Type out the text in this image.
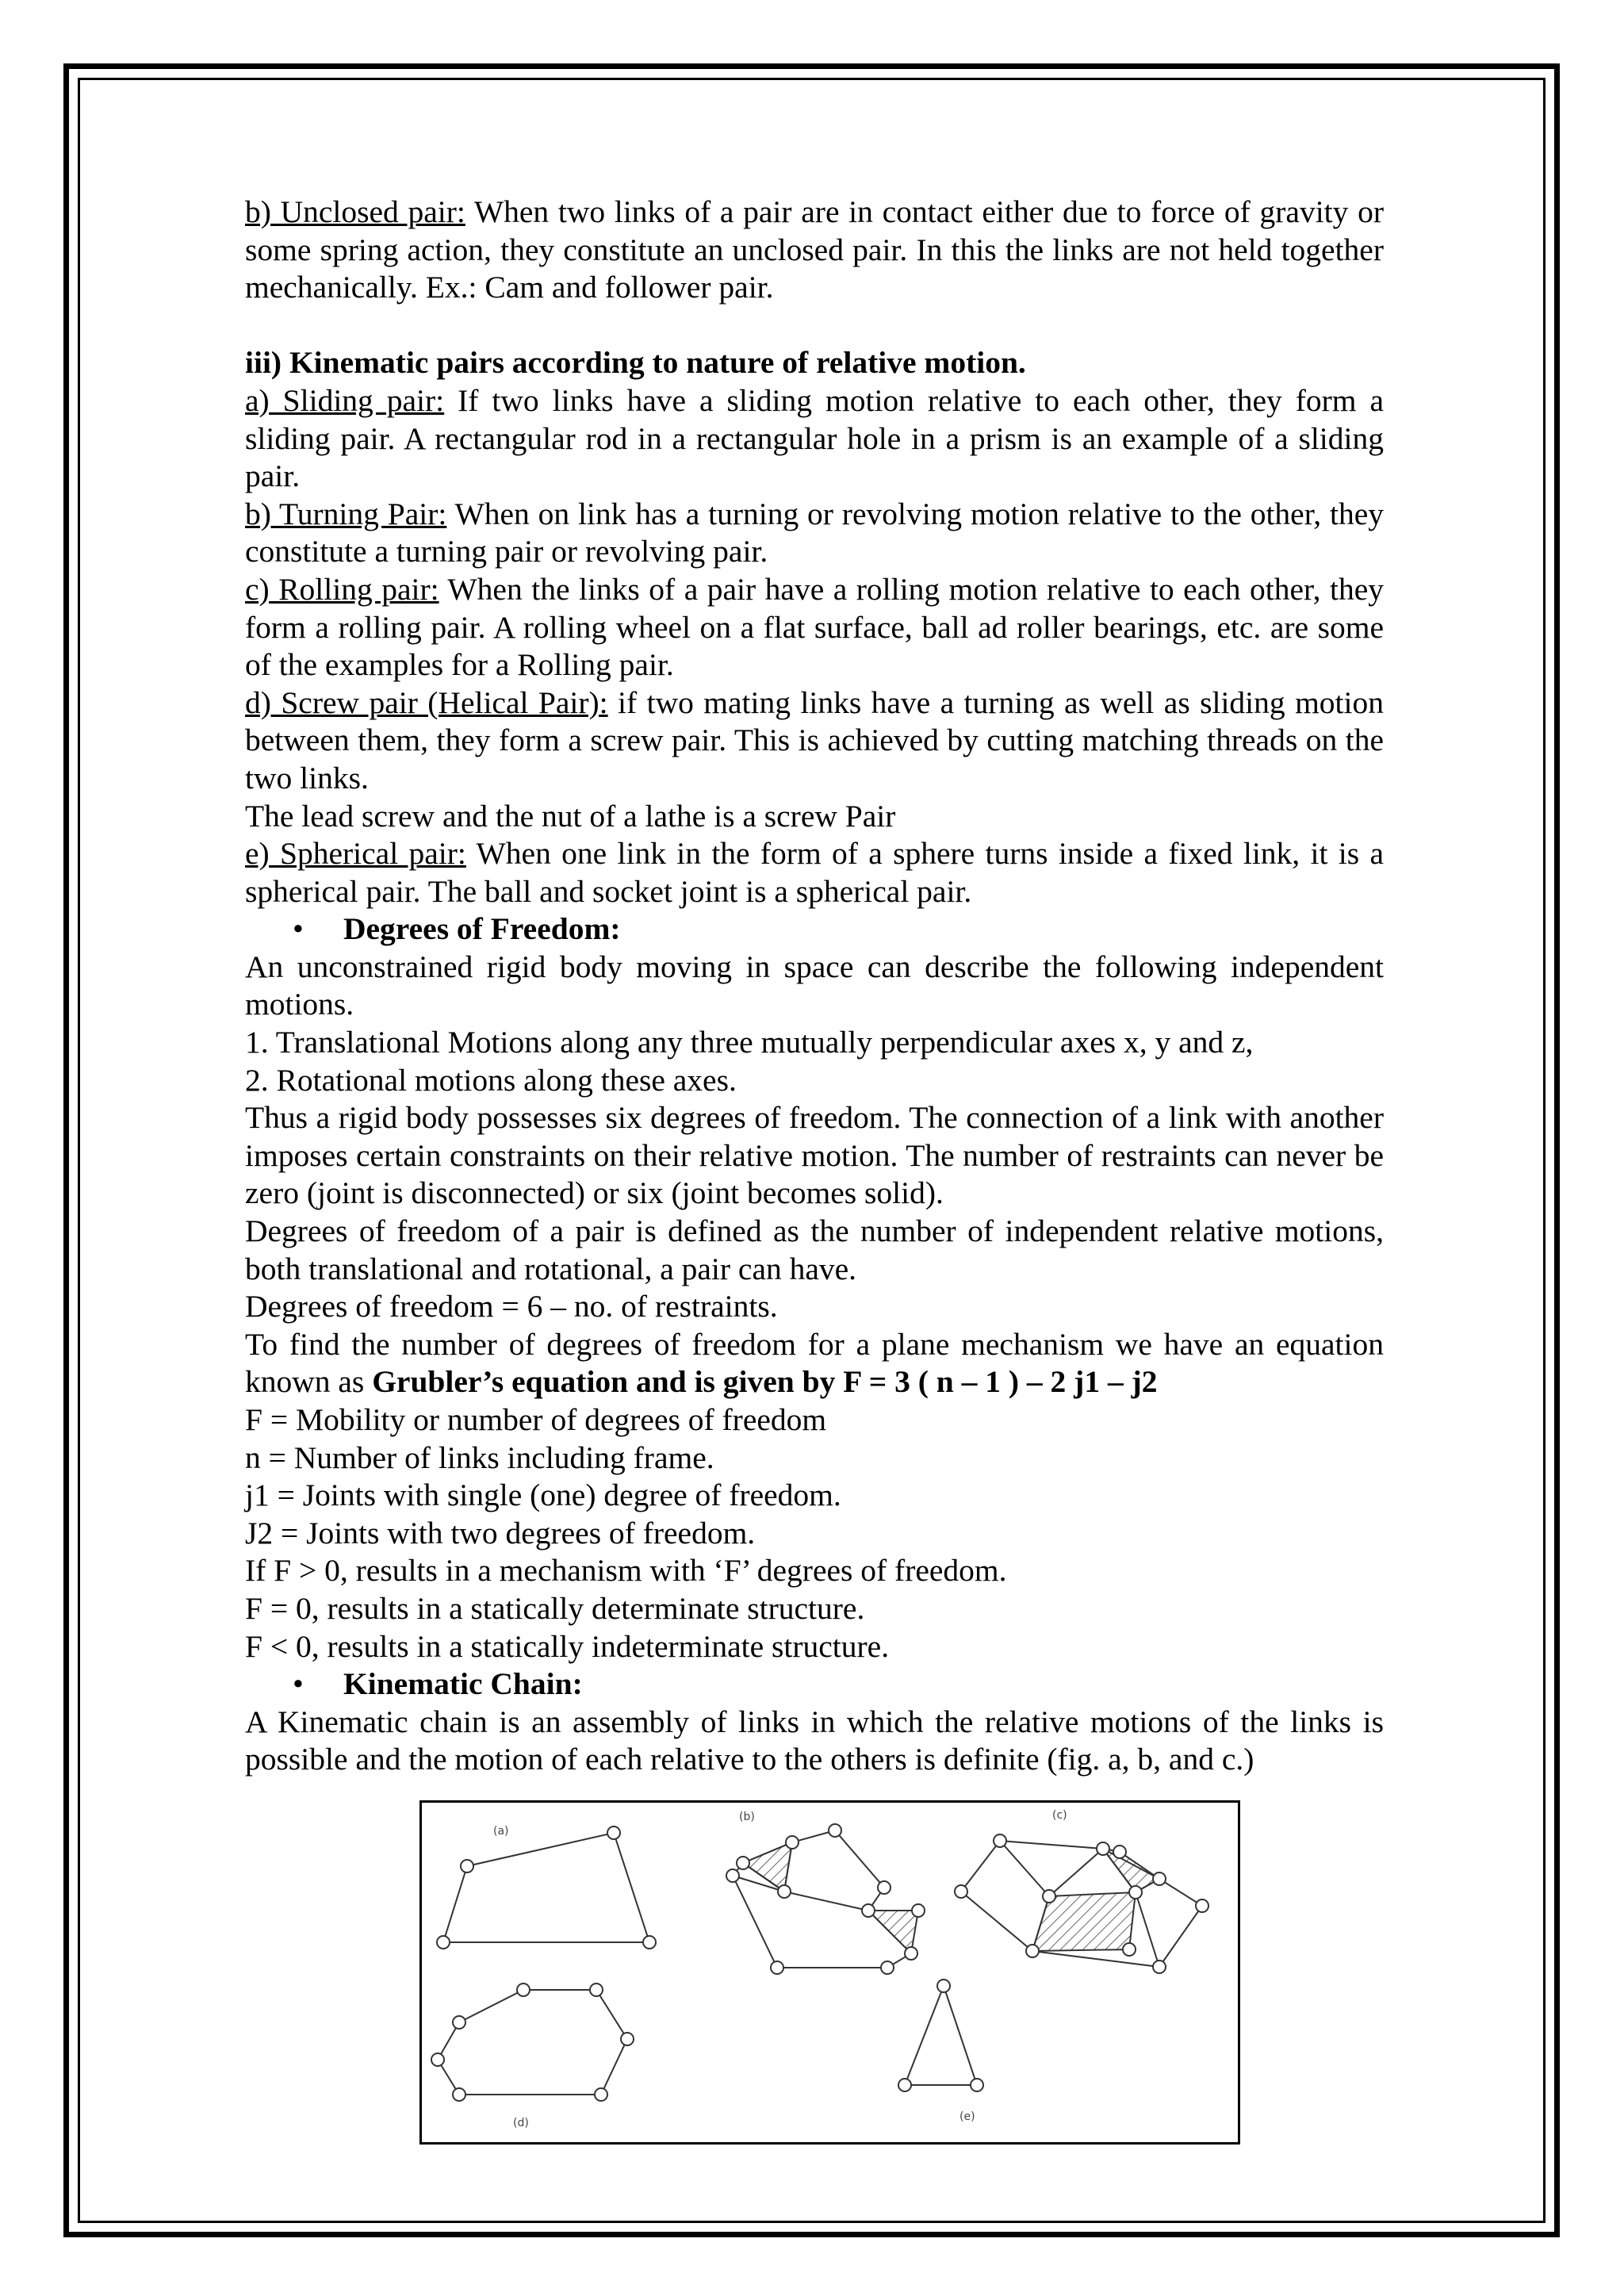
b) Unclosed pair: When two links of a pair are in contact either due to force of gravity or some spring action, they constitute an unclosed pair. In this the links are not held together mechanically. Ex.: Cam and follower pair.

iii) Kinematic pairs according to nature of relative motion.

a) Sliding pair: If two links have a sliding motion relative to each other, they form a sliding pair. A rectangular rod in a rectangular hole in a prism is an example of a sliding pair.

b) Turning Pair: When on link has a turning or revolving motion relative to the other, they constitute a turning pair or revolving pair.

c) Rolling pair: When the links of a pair have a rolling motion relative to each other, they form a rolling pair. A rolling wheel on a flat surface, ball ad roller bearings, etc. are some of the examples for a Rolling pair.

d) Screw pair (Helical Pair): if two mating links have a turning as well as sliding motion between them, they form a screw pair. This is achieved by cutting matching threads on the two links.

The lead screw and the nut of a lathe is a screw Pair

e) Spherical pair: When one link in the form of a sphere turns inside a fixed link, it is a spherical pair. The ball and socket joint is a spherical pair.

• Degrees of Freedom:

An unconstrained rigid body moving in space can describe the following independent motions.

1. Translational Motions along any three mutually perpendicular axes x, y and z,

2. Rotational motions along these axes.

Thus a rigid body possesses six degrees of freedom. The connection of a link with another imposes certain constraints on their relative motion. The number of restraints can never be zero (joint is disconnected) or six (joint becomes solid).

Degrees of freedom of a pair is defined as the number of independent relative motions, both translational and rotational, a pair can have.

Degrees of freedom = 6 – no. of restraints.

To find the number of degrees of freedom for a plane mechanism we have an equation known as Grubler’s equation and is given by F = 3 ( n – 1 ) – 2 j1 – j2

F = Mobility or number of degrees of freedom

n = Number of links including frame.

j1 = Joints with single (one) degree of freedom.

J2 = Joints with two degrees of freedom.

If F > 0, results in a mechanism with ‘F’ degrees of freedom.

F = 0, results in a statically determinate structure.

F < 0, results in a statically indeterminate structure.

• Kinematic Chain:

A Kinematic chain is an assembly of links in which the relative motions of the links is possible and the motion of each relative to the others is definite (fig. a, b, and c.)

(a)
(b)	(c)
(d)	(e)
